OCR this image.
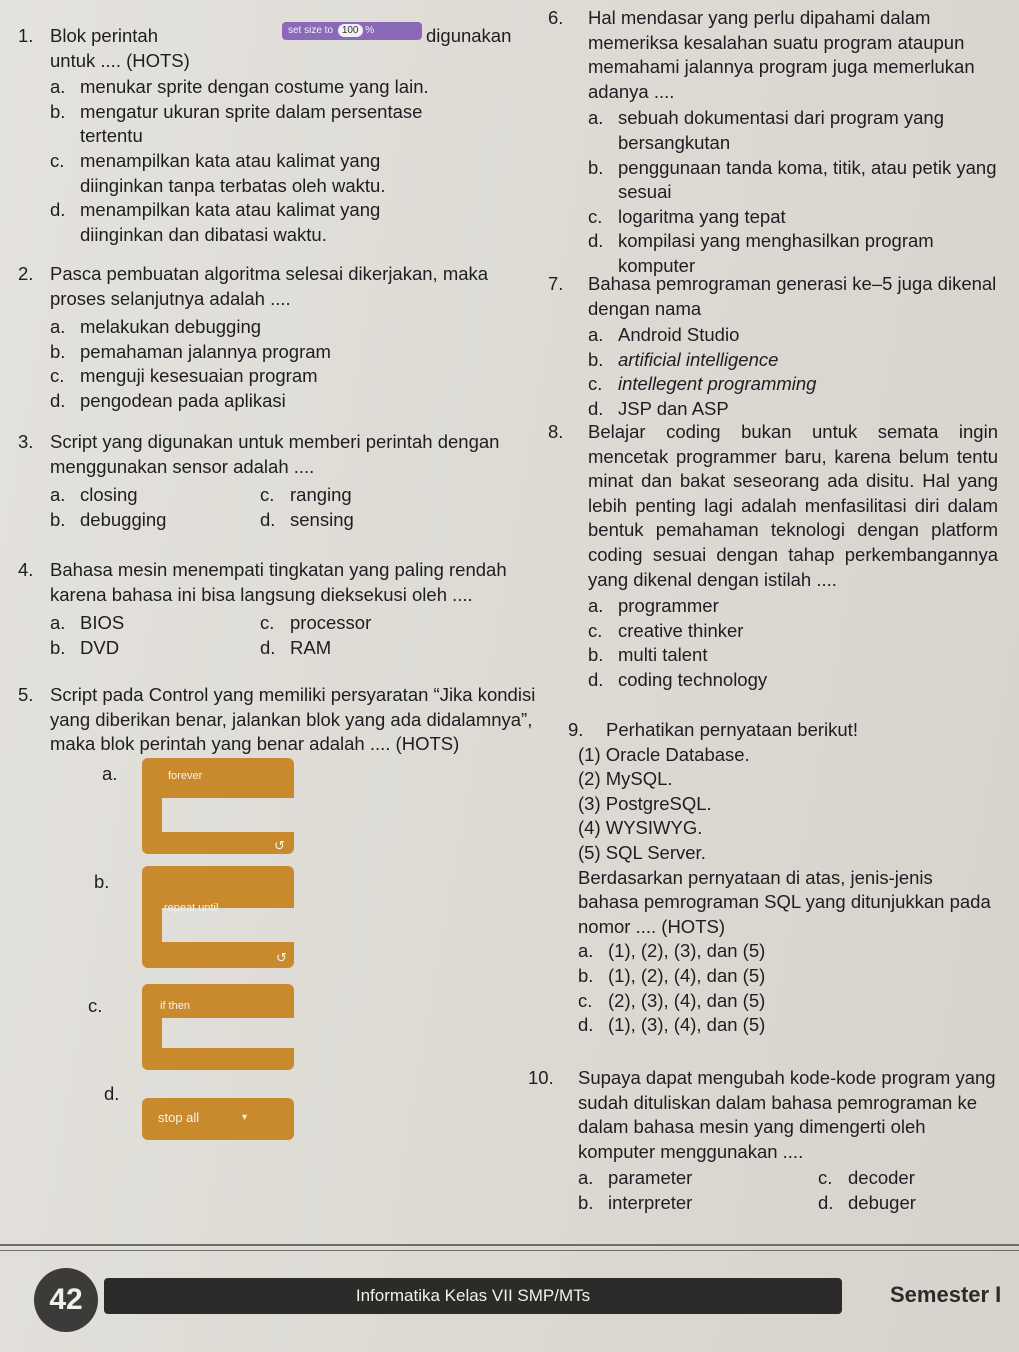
1. Blok perintah	set size to 100 %	digunakan
untuk .... (HOTS)
a. menukar sprite dengan costume yang lain.
b. mengatur ukuran sprite dalam persentase tertentu
c. menampilkan kata atau kalimat yang diinginkan tanpa terbatas oleh waktu.
d. menampilkan kata atau kalimat yang diinginkan dan dibatasi waktu.
2. Pasca pembuatan algoritma selesai dikerjakan, maka proses selanjutnya adalah ....
a. melakukan debugging
b. pemahaman jalannya program
c. menguji kesesuaian program
d. pengodean pada aplikasi
3. Script yang digunakan untuk memberi perintah dengan menggunakan sensor adalah ....
a. closing	c. ranging
b. debugging	d. sensing
4. Bahasa mesin menempati tingkatan yang paling rendah karena bahasa ini bisa langsung dieksekusi oleh ....
a. BIOS	c. processor
b. DVD	d. RAM
5. Script pada Control yang memiliki persyaratan “Jika kondisi yang diberikan benar, jalankan blok yang ada didalamnya”, maka blok perintah yang benar adalah .... (HOTS)
a.	forever
↺
b.
repeat until
↺
c.	if then
d.
stop all	▾
6. Hal mendasar yang perlu dipahami dalam memeriksa kesalahan suatu program ataupun memahami jalannya program juga memerlukan adanya ....
a. sebuah dokumentasi dari program yang bersangkutan
b. penggunaan tanda koma, titik, atau petik yang sesuai
c. logaritma yang tepat
d. kompilasi yang menghasilkan program komputer
7. Bahasa pemrograman generasi ke–5 juga dikenal dengan nama
a. Android Studio
b. artificial intelligence
c. intellegent programming
d. JSP dan ASP
8. Belajar coding bukan untuk semata ingin mencetak programmer baru, karena belum tentu minat dan bakat seseorang ada disitu. Hal yang lebih penting lagi adalah menfasilitasi diri dalam bentuk pemahaman teknologi dengan platform coding sesuai dengan tahap perkembangannya yang dikenal dengan istilah ....
a. programmer
c. creative thinker
b. multi talent
d. coding technology
9. Perhatikan pernyataan berikut!
(1) Oracle Database.
(2) MySQL.
(3) PostgreSQL.
(4) WYSIWYG.
(5) SQL Server.
Berdasarkan pernyataan di atas, jenis-jenis bahasa pemrograman SQL yang ditunjukkan pada nomor .... (HOTS)
a. (1), (2), (3), dan (5)
b. (1), (2), (4), dan (5)
c. (2), (3), (4), dan (5)
d. (1), (3), (4), dan (5)
10. Supaya dapat mengubah kode-kode program yang sudah dituliskan dalam bahasa pemrograman ke dalam bahasa mesin yang dimengerti oleh komputer menggunakan ....
a. parameter	c. decoder
b. interpreter	d. debuger
42	Informatika Kelas VII SMP/MTs	Semester I
